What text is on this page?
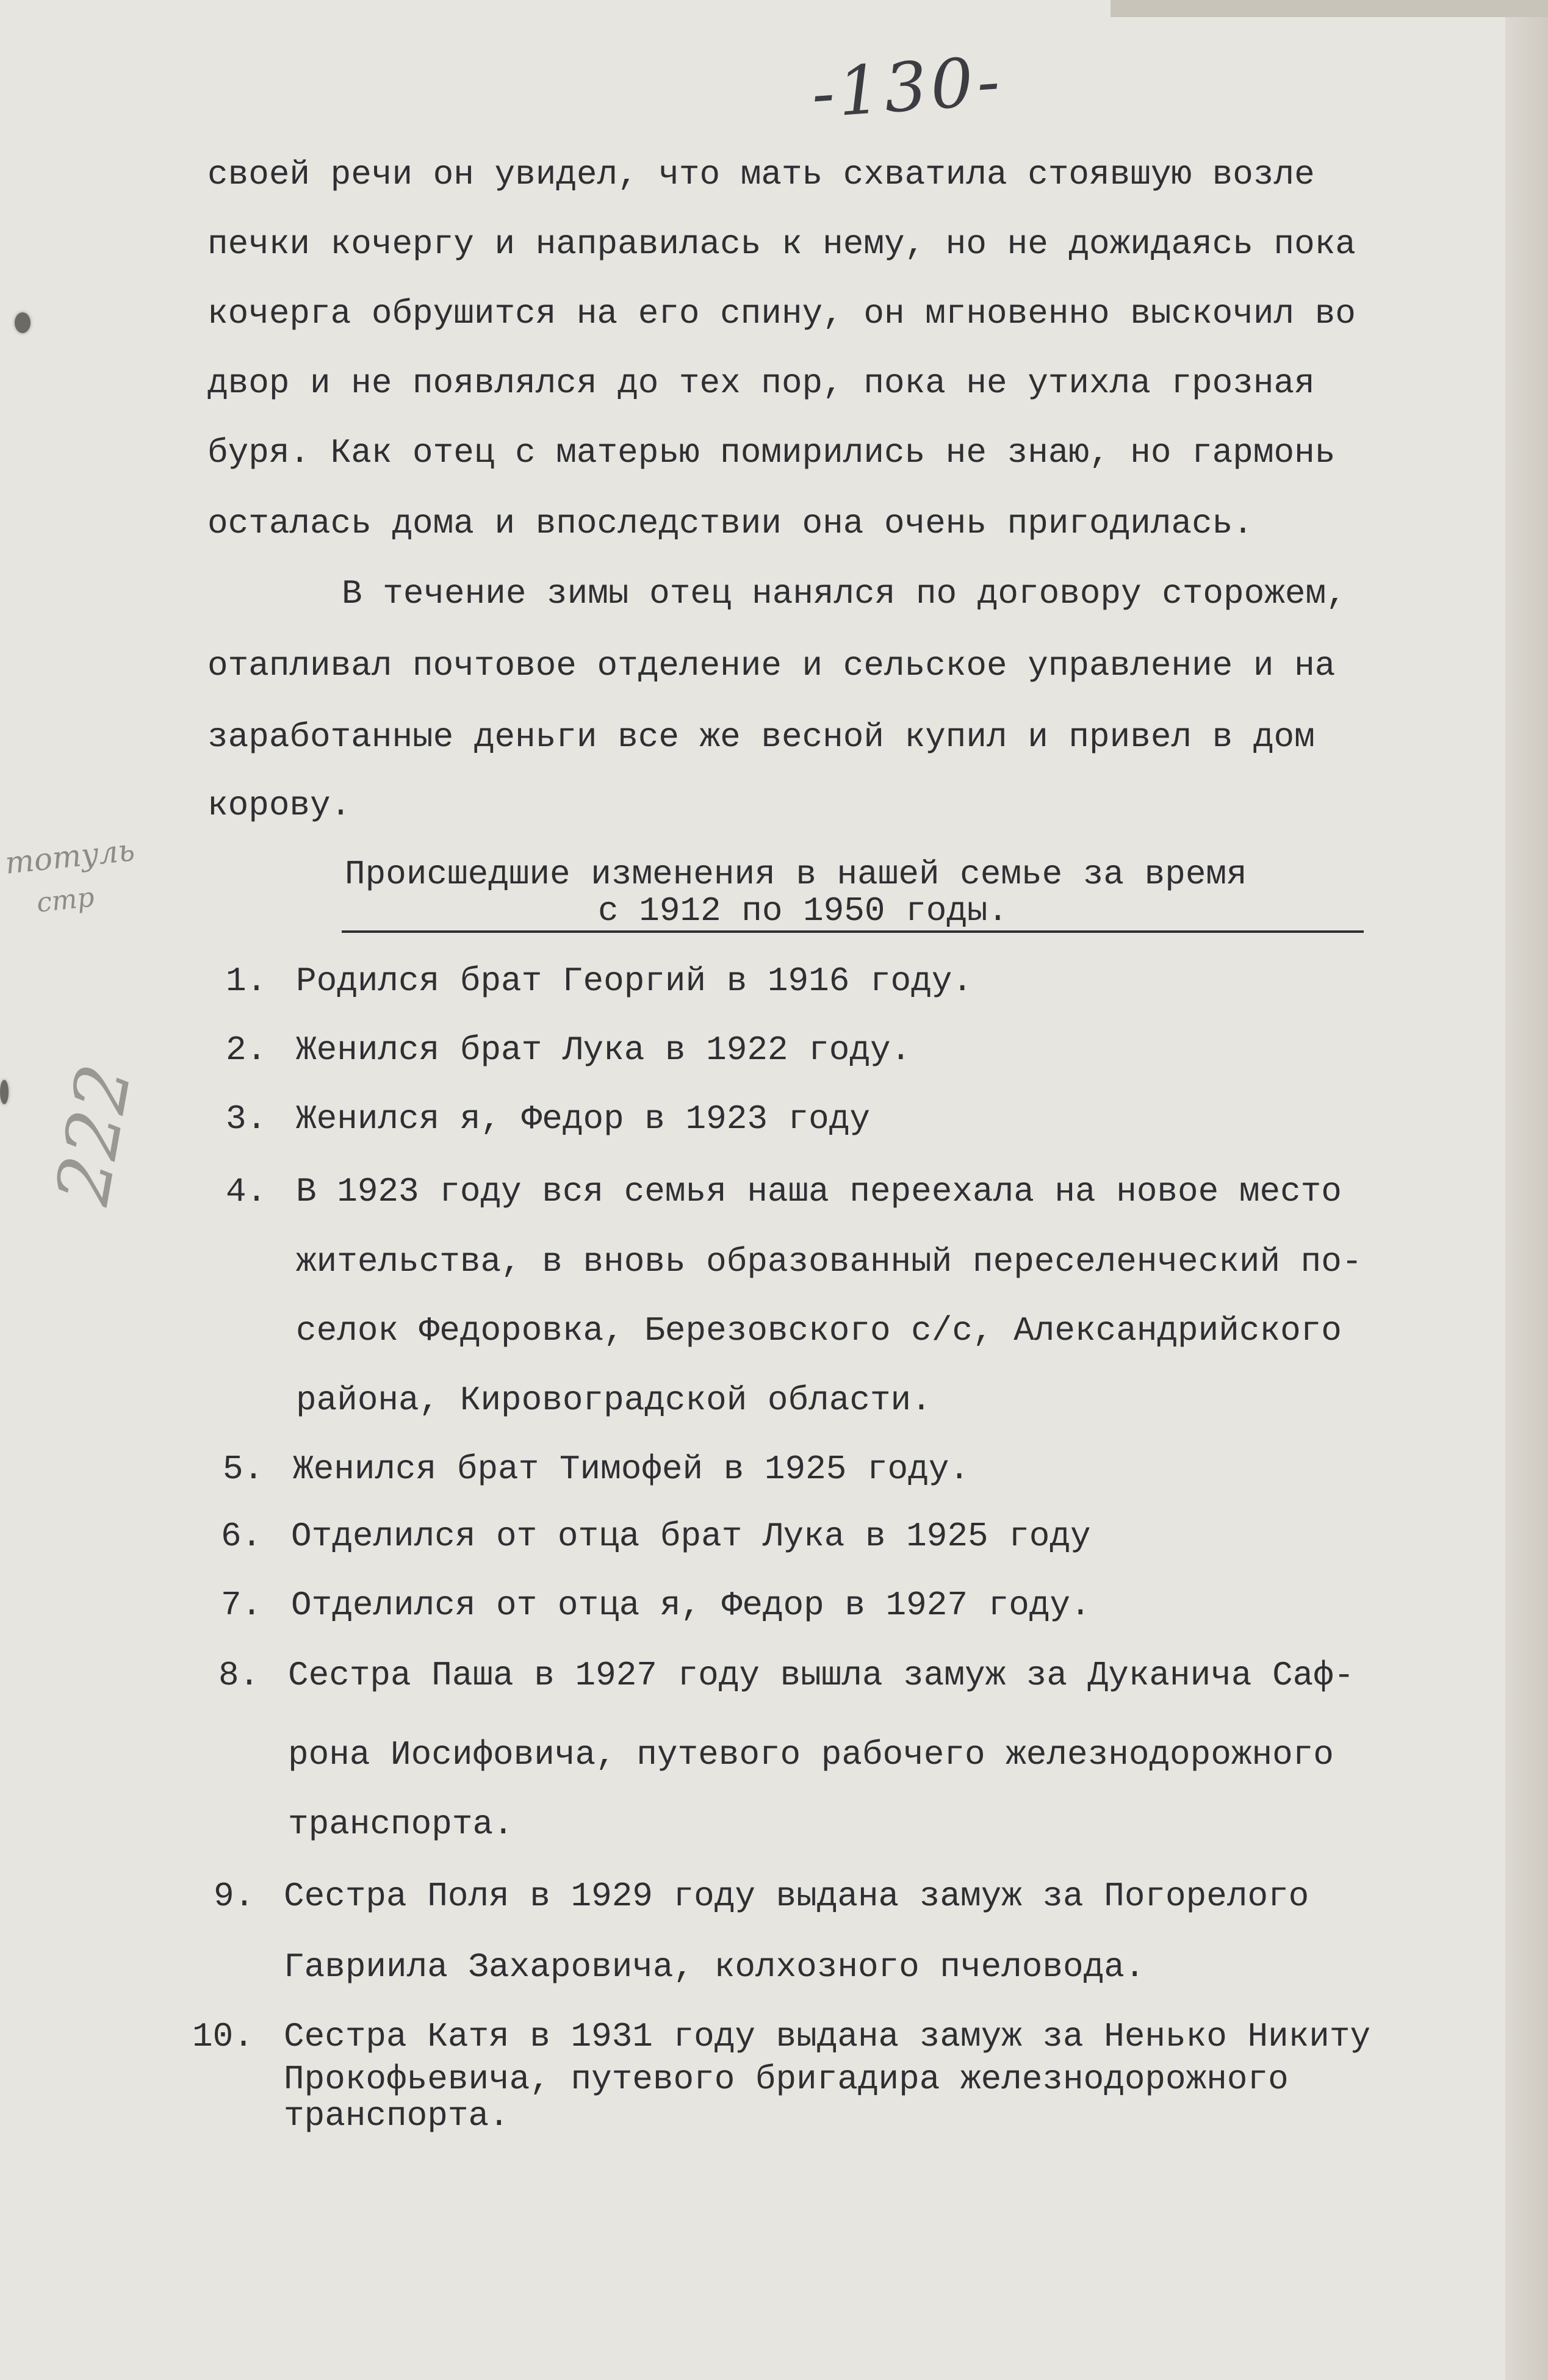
-130-
тотуль
стр
222
своей речи он увидел, что мать схватила стоявшую возле
печки кочергу и направилась к нему, но не дожидаясь пока
кочерга обрушится на его спину, он мгновенно выскочил во
двор и не появлялся до тех пор, пока не утихла грозная
буря. Как отец с матерью помирились не знаю, но гармонь
осталась дома и впоследствии она очень пригодилась.
В течение зимы отец нанялся по договору сторожем,
отапливал почтовое отделение и сельское управление и на
заработанные деньги все же весной купил и привел в дом
корову.
Происшедшие изменения в нашей семье за время
с 1912 по 1950 годы.
1. Родился брат Георгий в 1916 году.
2. Женился брат Лука в 1922 году.
3. Женился я, Федор в 1923 году
4. В 1923 году вся семья наша переехала на новое место
жительства, в вновь образованный переселенческий по-
селок Федоровка, Березовского с/с, Александрийского
района, Кировоградской области.
5. Женился брат Тимофей в 1925 году.
6. Отделился от отца брат Лука в 1925 году
7. Отделился от отца я, Федор в 1927 году.
8. Сестра Паша в 1927 году вышла замуж за Дуканича Саф-
рона Иосифовича, путевого рабочего железнодорожного
транспорта.
9. Сестра Поля в 1929 году выдана замуж за Погорелого
Гавриила Захаровича, колхозного пчеловода.
10. Сестра Катя в 1931 году выдана замуж за Ненько Никиту
Прокофьевича, путевого бригадира железнодорожного
транспорта.
